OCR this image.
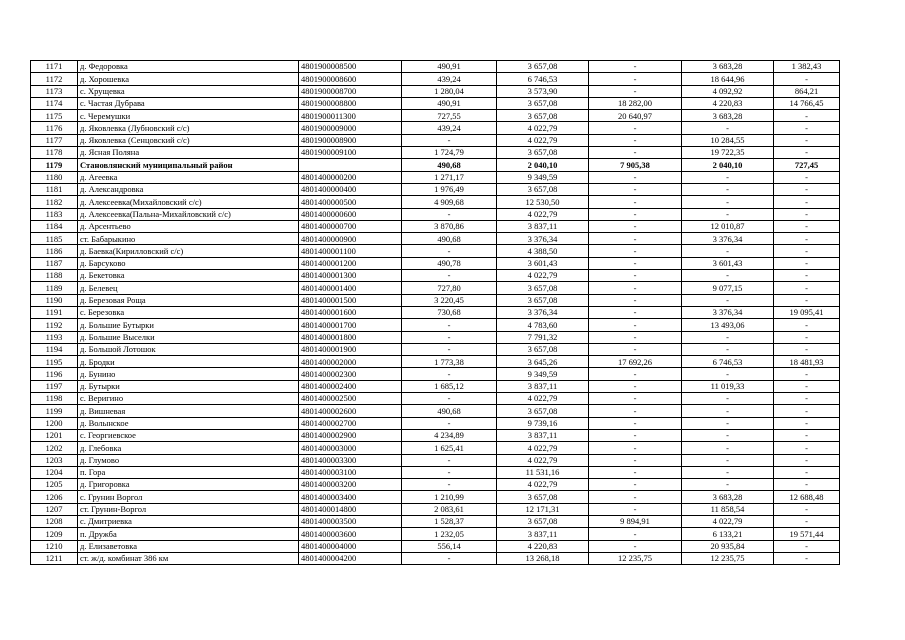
1171	д. Федоровка	4801900008500	490,91	3 657,08	-	3 683,28	1 382,43
1172	д. Хорошевка	4801900008600	439,24	6 746,53	-	18 644,96	-
1173	с. Хрущевка	4801900008700	1 280,04	3 573,90	-	4 092,92	864,21
1174	с. Частая Дубрава	4801900008800	490,91	3 657,08	18 282,00	4 220,83	14 766,45
1175	с. Черемушки	4801900011300	727,55	3 657,08	20 640,97	3 683,28	-
1176	д. Яковлевка (Лубновский с/с)	4801900009000	439,24	4 022,79	-	-	-
1177	д. Яковлевка (Сенцовский с/с)	4801900008900	-	4 022,79	-	10 284,55	-
1178	д. Ясная Поляна	4801900009100	1 724,79	3 657,08	-	19 722,35	-
1179	Становлянский муниципальный район		490,68	2 040,10	7 905,38	2 040,10	727,45
1180	д. Агеевка	4801400000200	1 271,17	9 349,59	-	-	-
1181	д. Александровка	4801400000400	1 976,49	3 657,08	-	-	-
1182	д. Алексеевка(Михайловский с/с)	4801400000500	4 909,68	12 530,50	-	-	-
1183	д. Алексеевка(Пальна-Михайловский с/с)	4801400000600	-	4 022,79	-	-	-
1184	д. Арсентьево	4801400000700	3 870,86	3 837,11	-	12 010,87	-
1185	ст. Бабарыкино	4801400000900	490,68	3 376,34	-	3 376,34	-
1186	д. Баевка(Кирилловский с/с)	4801400001100	-	4 388,50	-	-	-
1187	д. Барсуково	4801400001200	490,78	3 601,43	-	3 601,43	-
1188	д. Бекетовка	4801400001300	-	4 022,79	-	-	-
1189	д. Белевец	4801400001400	727,80	3 657,08	-	9 077,15	-
1190	д. Березовая Роща	4801400001500	3 220,45	3 657,08	-	-	-
1191	с. Березовка	4801400001600	730,68	3 376,34	-	3 376,34	19 095,41
1192	д. Большие Бутырки	4801400001700	-	4 783,60	-	13 493,06	-
1193	д. Большие Выселки	4801400001800	-	7 791,32	-	-	-
1194	д. Большой Лотошок	4801400001900	-	3 657,08	-	-	-
1195	д. Бродки	4801400002000	1 773,38	3 645,26	17 692,26	6 746,53	18 481,93
1196	д. Бунино	4801400002300	-	9 349,59	-	-	-
1197	д. Бутырки	4801400002400	1 685,12	3 837,11	-	11 019,33	-
1198	с. Веригино	4801400002500	-	4 022,79	-	-	-
1199	д. Вишневая	4801400002600	490,68	3 657,08	-	-	-
1200	д. Волынское	4801400002700	-	9 739,16	-	-	-
1201	с. Георгиевское	4801400002900	4 234,89	3 837,11	-	-	-
1202	д. Глебовка	4801400003000	1 625,41	4 022,79	-	-	-
1203	д. Глумово	4801400003300	-	4 022,79	-	-	-
1204	п. Гора	4801400003100	-	11 531,16	-	-	-
1205	д. Григоровка	4801400003200	-	4 022,79	-	-	-
1206	с. Грунин Воргол	4801400003400	1 210,99	3 657,08	-	3 683,28	12 688,48
1207	ст. Грунин-Воргол	4801400014800	2 083,61	12 171,31	-	11 858,54	-
1208	с. Дмитриевка	4801400003500	1 528,37	3 657,08	9 894,91	4 022,79	-
1209	п. Дружба	4801400003600	1 232,05	3 837,11	-	6 133,21	19 571,44
1210	д. Елизаветовка	4801400004000	556,14	4 220,83	-	20 935,84	-
1211	ст. ж/д. комбинат 386 км	4801400004200	-	13 268,18	12 235,75	12 235,75	-
